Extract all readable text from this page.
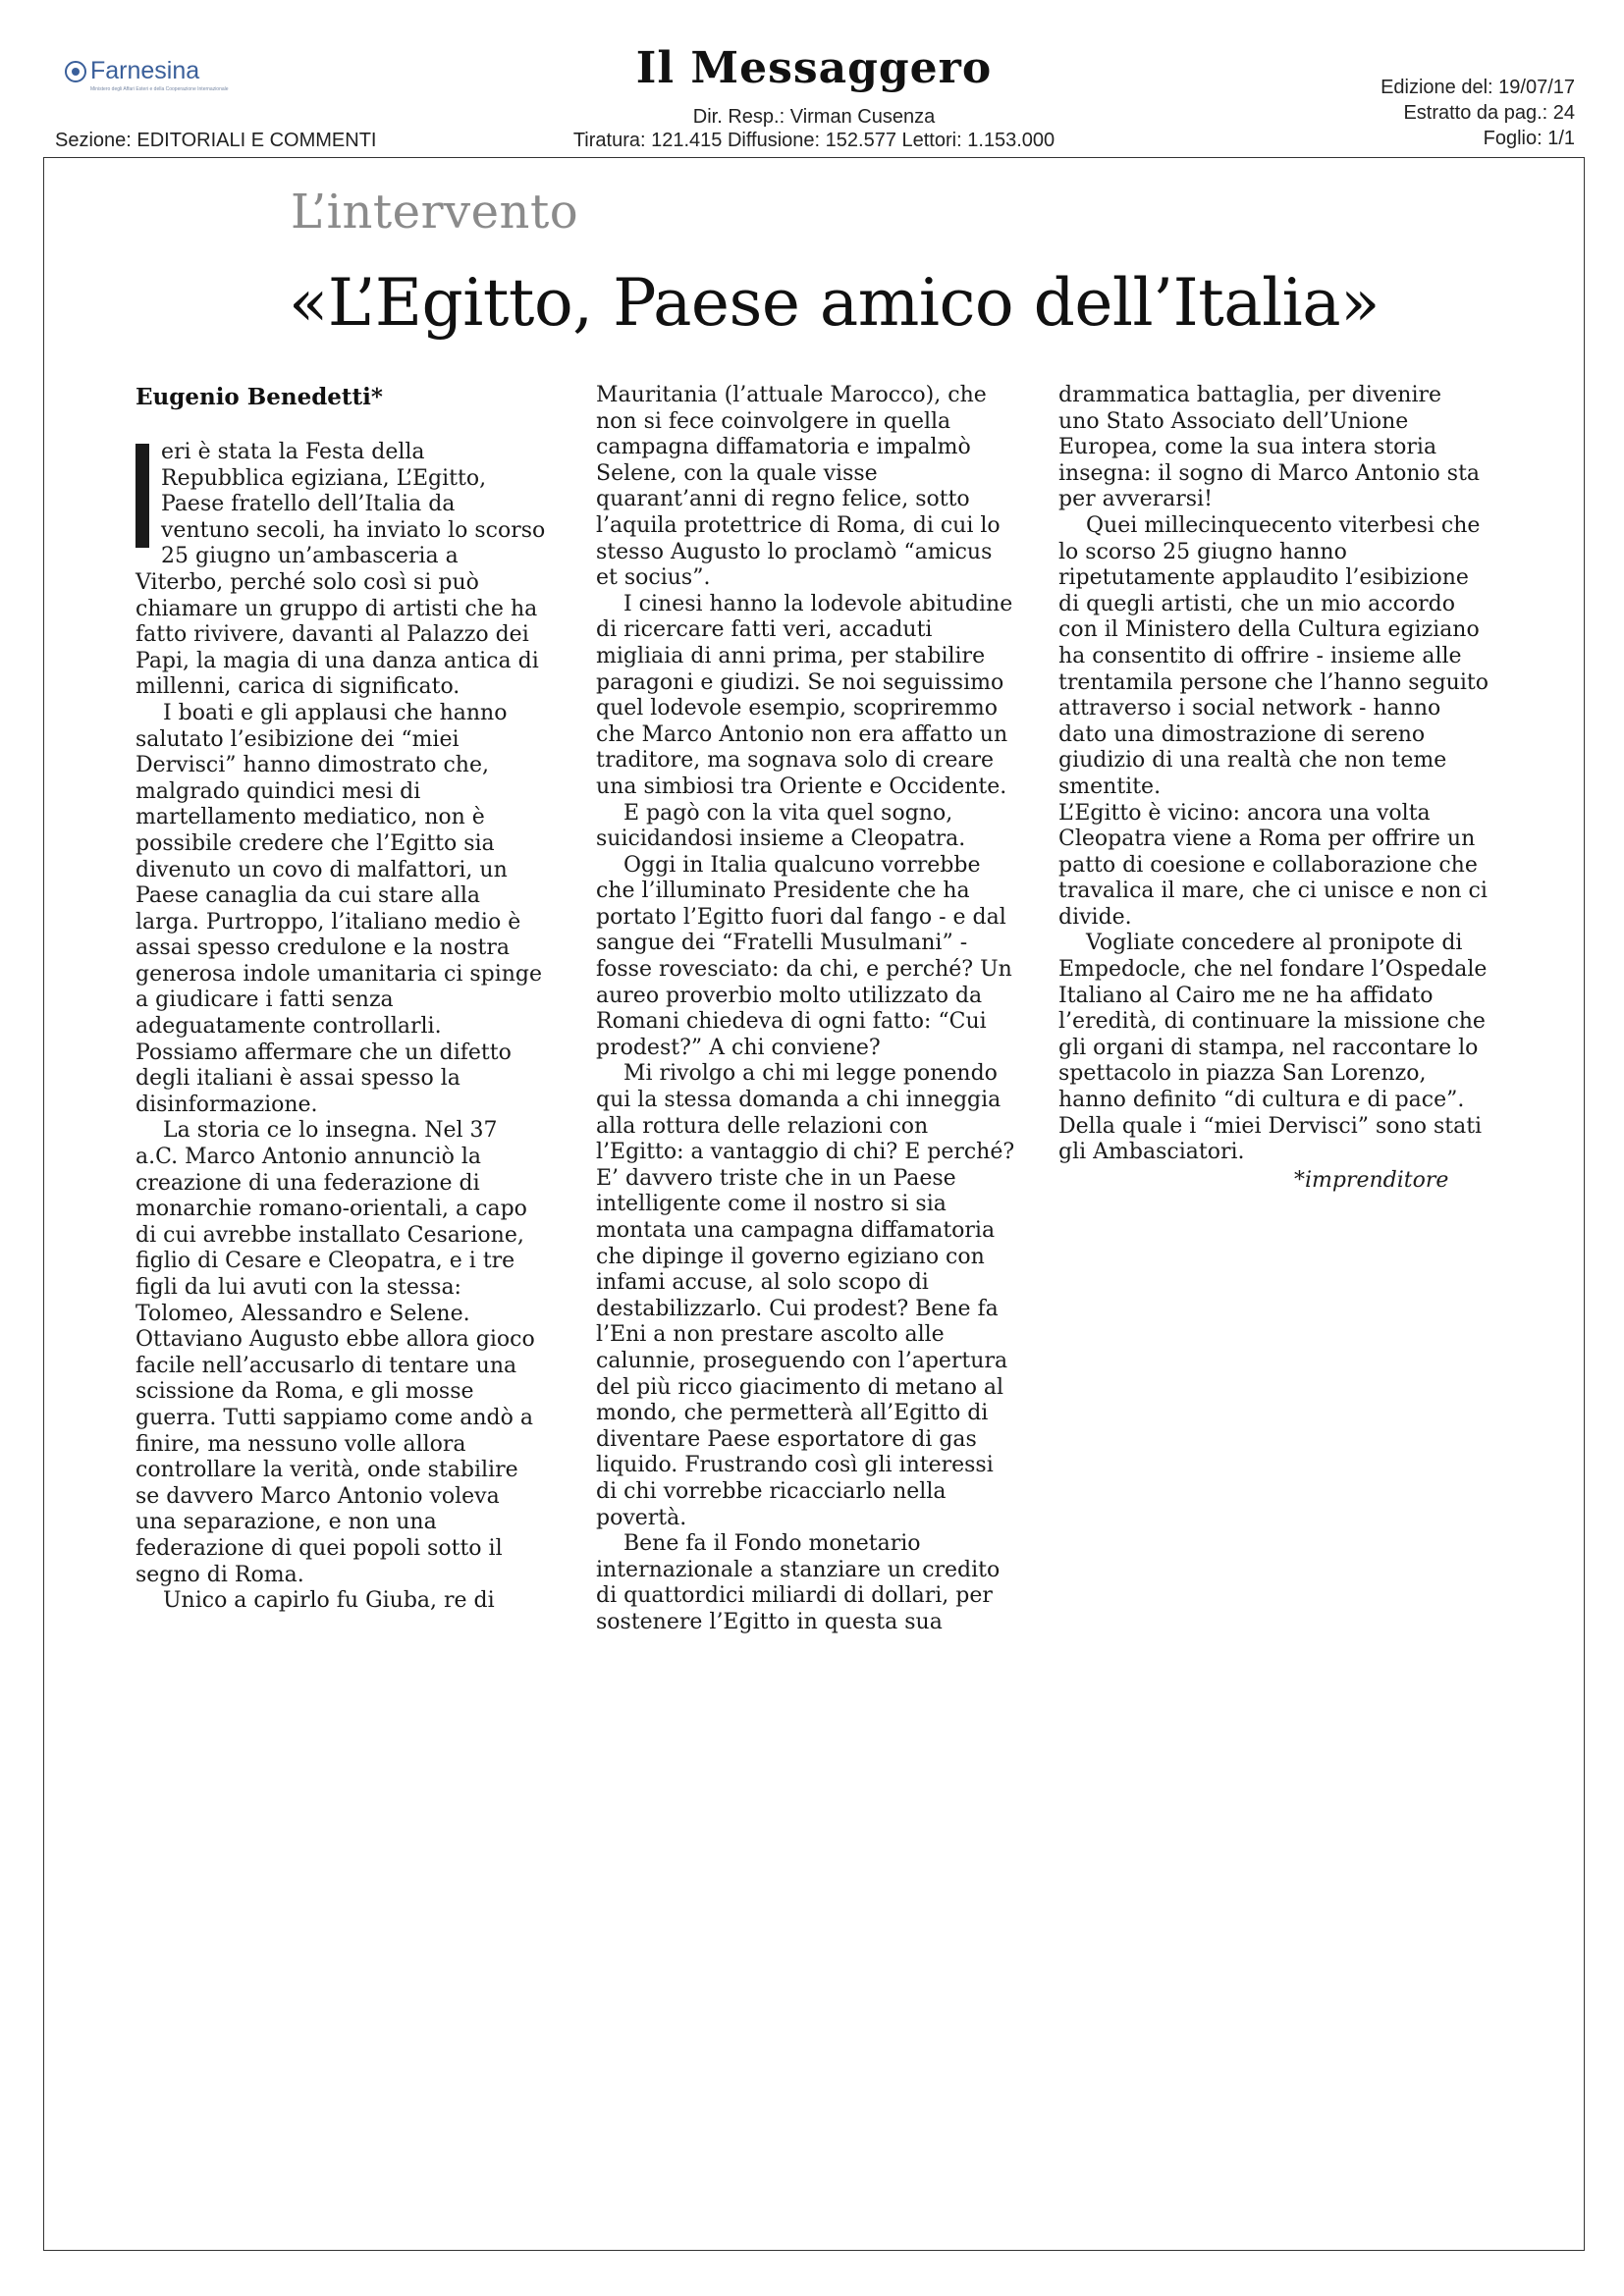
Farnesina
Ministero degli Affari Esteri e della Cooperazione Internazionale	Il Messaggero
Dir. Resp.: Virman Cusenza
Sezione: EDITORIALI E COMMENTI	Tiratura: 121.415 Diffusione: 152.577 Lettori: 1.153.000
Edizione del: 19/07/17
Estratto da pag.: 24
Foglio: 1/1
L’intervento
«L’Egitto, Paese amico dell’Italia»
Eugenio Benedetti*

eri è stata la Festa della Repubblica egiziana, L’Egitto, Paese fratello dell’Italia da ventuno secoli, ha inviato lo scorso 25 giugno un’ambasceria a Viterbo, perché solo così si può chiamare un gruppo di artisti che ha fatto rivivere, davanti al Palazzo dei Papi, la magia di una danza antica di millenni, carica di significato.

I boati e gli applausi che hanno salutato l’esibizione dei “miei Dervisci” hanno dimostrato che, malgrado quindici mesi di martellamento mediatico, non è possibile credere che l’Egitto sia divenuto un covo di malfattori, un Paese canaglia da cui stare alla larga. Purtroppo, l’italiano medio è assai spesso credulone e la nostra generosa indole umanitaria ci spinge a giudicare i fatti senza adeguatamente controllarli. Possiamo affermare che un difetto degli italiani è assai spesso la disinformazione.

La storia ce lo insegna. Nel 37 a.C. Marco Antonio annunciò la creazione di una federazione di monarchie romano-orientali, a capo di cui avrebbe installato Cesarione, figlio di Cesare e Cleopatra, e i tre figli da lui avuti con la stessa: Tolomeo, Alessandro e Selene. Ottaviano Augusto ebbe allora gioco facile nell’accusarlo di tentare una scissione da Roma, e gli mosse guerra. Tutti sappiamo come andò a finire, ma nessuno volle allora controllare la verità, onde stabilire se davvero Marco Antonio voleva una separazione, e non una federazione di quei popoli sotto il segno di Roma.

Unico a capirlo fu Giuba, re di

Mauritania (l’attuale Marocco), che non si fece coinvolgere in quella campagna diffamatoria e impalmò Selene, con la quale visse quarant’anni di regno felice, sotto l’aquila protettrice di Roma, di cui lo stesso Augusto lo proclamò “amicus et socius”.

I cinesi hanno la lodevole abitudine di ricercare fatti veri, accaduti migliaia di anni prima, per stabilire paragoni e giudizi. Se noi seguissimo quel lodevole esempio, scopriremmo che Marco Antonio non era affatto un traditore, ma sognava solo di creare una simbiosi tra Oriente e Occidente.

E pagò con la vita quel sogno, suicidandosi insieme a Cleopatra.

Oggi in Italia qualcuno vorrebbe che l’illuminato Presidente che ha portato l’Egitto fuori dal fango - e dal sangue dei “Fratelli Musulmani” - fosse rovesciato: da chi, e perché? Un aureo proverbio molto utilizzato da Romani chiedeva di ogni fatto: “Cui prodest?” A chi conviene?

Mi rivolgo a chi mi legge ponendo qui la stessa domanda a chi inneggia alla rottura delle relazioni con l’Egitto: a vantaggio di chi? E perché? E’ davvero triste che in un Paese intelligente come il nostro si sia montata una campagna diffamatoria che dipinge il governo egiziano con infami accuse, al solo scopo di destabilizzarlo. Cui prodest? Bene fa l’Eni a non prestare ascolto alle calunnie, proseguendo con l’apertura del più ricco giacimento di metano al mondo, che permetterà all’Egitto di diventare Paese esportatore di gas liquido. Frustrando così gli interessi di chi vorrebbe ricacciarlo nella povertà.

Bene fa il Fondo monetario internazionale a stanziare un credito di quattordici miliardi di dollari, per sostenere l’Egitto in questa sua

drammatica battaglia, per divenire uno Stato Associato dell’Unione Europea, come la sua intera storia insegna: il sogno di Marco Antonio sta per avverarsi!

Quei millecinquecento viterbesi che lo scorso 25 giugno hanno ripetutamente applaudito l’esibizione di quegli artisti, che un mio accordo con il Ministero della Cultura egiziano ha consentito di offrire - insieme alle trentamila persone che l’hanno seguito attraverso i social network - hanno dato una dimostrazione di sereno giudizio di una realtà che non teme smentite.

L’Egitto è vicino: ancora una volta Cleopatra viene a Roma per offrire un patto di coesione e collaborazione che travalica il mare, che ci unisce e non ci divide.

Vogliate concedere al pronipote di Empedocle, che nel fondare l’Ospedale Italiano al Cairo me ne ha affidato l’eredità, di continuare la missione che gli organi di stampa, nel raccontare lo spettacolo in piazza San Lorenzo, hanno definito “di cultura e di pace”. Della quale i “miei Dervisci” sono stati gli Ambasciatori.

*imprenditore
